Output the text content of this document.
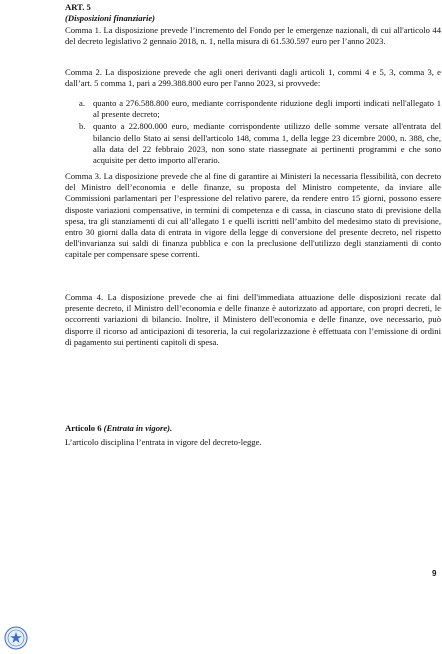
ART. 5
(Disposizioni finanziarie)

Comma 1. La disposizione prevede l’incremento del Fondo per le emergenze nazionali, di cui all'articolo 44 del decreto legislativo 2 gennaio 2018, n. 1, nella misura di 61.530.597 euro per l’anno 2023.

Comma 2. La disposizione prevede che agli oneri derivanti dagli articoli 1, commi 4 e 5, 3, comma 3, e dall’art. 5 comma 1, pari a 299.388.800 euro per l'anno 2023, si provvede:

a. quanto a 276.588.800 euro, mediante corrispondente riduzione degli importi indicati nell'allegato 1 al presente decreto;
b. quanto a 22.800.000 euro, mediante corrispondente utilizzo delle somme versate all'entrata del bilancio dello Stato ai sensi dell'articolo 148, comma 1, della legge 23 dicembre 2000, n. 388, che, alla data del 22 febbraio 2023, non sono state riassegnate ai pertinenti programmi e che sono acquisite per detto importo all'erario.

Comma 3. La disposizione prevede che al fine di garantire ai Ministeri la necessaria flessibilità, con decreto del Ministro dell’economia e delle finanze, su proposta del Ministro competente, da inviare alle Commissioni parlamentari per l’espressione del relativo parere, da rendere entro 15 giorni, possono essere disposte variazioni compensative, in termini di competenza e di cassa, in ciascuno stato di previsione della spesa, tra gli stanziamenti di cui all’allegato 1 e quelli iscritti nell’ambito del medesimo stato di previsione, entro 30 giorni dalla data di entrata in vigore della legge di conversione del presente decreto, nel rispetto dell'invarianza sui saldi di finanza pubblica e con la preclusione dell'utilizzo degli stanziamenti di conto capitale per compensare spese correnti.

Comma 4. La disposizione prevede che ai fini dell'immediata attuazione delle disposizioni recate dal presente decreto, il Ministro dell’economia e delle finanze è autorizzato ad apportare, con propri decreti, le occorrenti variazioni di bilancio. Inoltre, il Ministero dell'economia e delle finanze, ove necessario, può disporre il ricorso ad anticipazioni di tesoreria, la cui regolarizzazione è effettuata con l’emissione di ordini di pagamento sui pertinenti capitoli di spesa.

Articolo 6 (Entrata in vigore).
L’articolo disciplina l’entrata in vigore del decreto-legge.
9
